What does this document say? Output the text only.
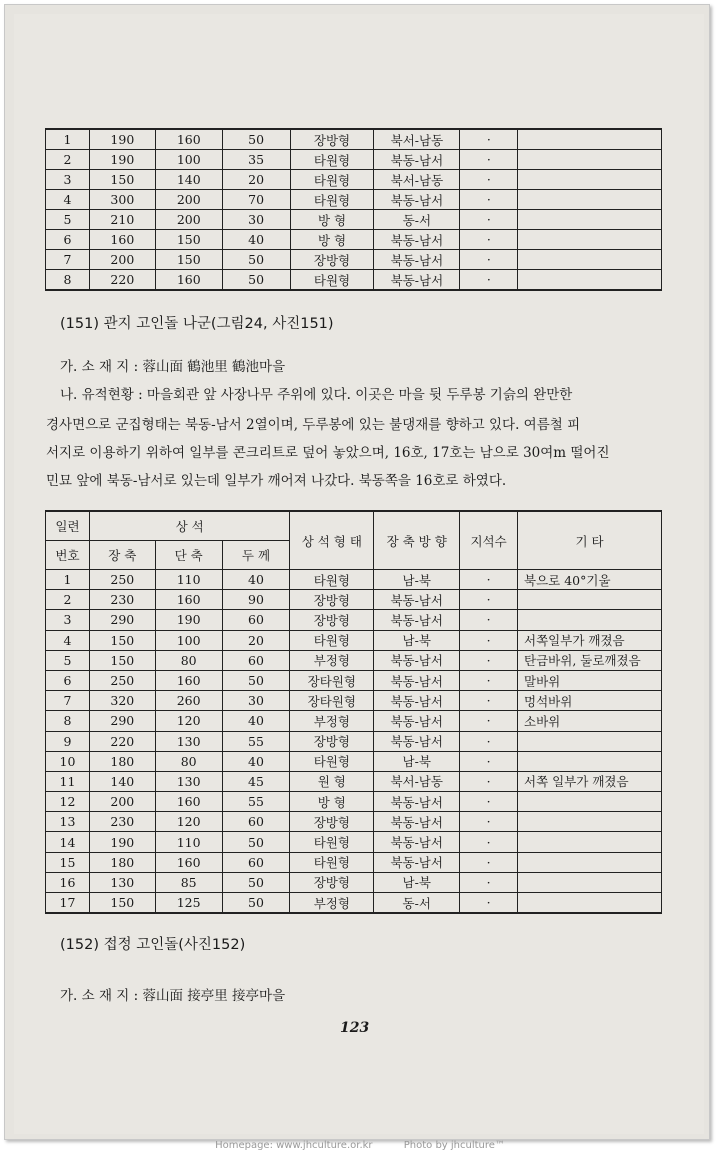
1	190	160	50	장방형	북서-남동	·	
2	190	100	35	타원형	북동-남서	·	
3	150	140	20	타원형	북서-남동	·	
4	300	200	70	타원형	북동-남서	·	
5	210	200	30	방 형	동-서	·	
6	160	150	40	방 형	북동-남서	·	
7	200	150	50	장방형	북동-남서	·	
8	220	160	50	타원형	북동-남서	·	
(151) 관지 고인돌 나군(그림24, 사진151)
가. 소 재 지 : 蓉山面 鶴池里 鶴池마을
나. 유적현황 : 마을회관 앞 사장나무 주위에 있다. 이곳은 마을 뒷 두루봉 기슭의 완만한
경사면으로 군집형태는 북동-남서 2열이며, 두루봉에 있는 불댕재를 향하고 있다. 여름철 피
서지로 이용하기 위하여 일부를 콘크리트로 덮어 놓았으며, 16호, 17호는 남으로 30여m 떨어진
민묘 앞에 북동-남서로 있는데 일부가 깨어져 나갔다. 북동쪽을 16호로 하였다.
일련	상 석			상 석 형 태	장 축 방 향	지석수	기 타
번호	장 축	단 축	두 께				
1	250	110	40	타원형	남-북	·	북으로 40°기울
2	230	160	90	장방형	북동-남서	·	
3	290	190	60	장방형	북동-남서	·	
4	150	100	20	타원형	남-북	·	서쪽일부가 깨졌음
5	150	80	60	부정형	북동-남서	·	탄금바위, 둘로깨졌음
6	250	160	50	장타원형	북동-남서	·	말바위
7	320	260	30	장타원형	북동-남서	·	멍석바위
8	290	120	40	부정형	북동-남서	·	소바위
9	220	130	55	장방형	북동-남서	·	
10	180	80	40	타원형	남-북	·	
11	140	130	45	원 형	북서-남동	·	서쪽 일부가 깨졌음
12	200	160	55	방 형	북동-남서	·	
13	230	120	60	장방형	북동-남서	·	
14	190	110	50	타원형	북동-남서	·	
15	180	160	60	타원형	북동-남서	·	
16	130	85	50	장방형	남-북	·	
17	150	125	50	부정형	동-서	·	
(152) 접정 고인돌(사진152)
가. 소 재 지 : 蓉山面 接亭里 接亭마을
123
Homepage: www.jhculture.or.kr	Photo by jhculture™
